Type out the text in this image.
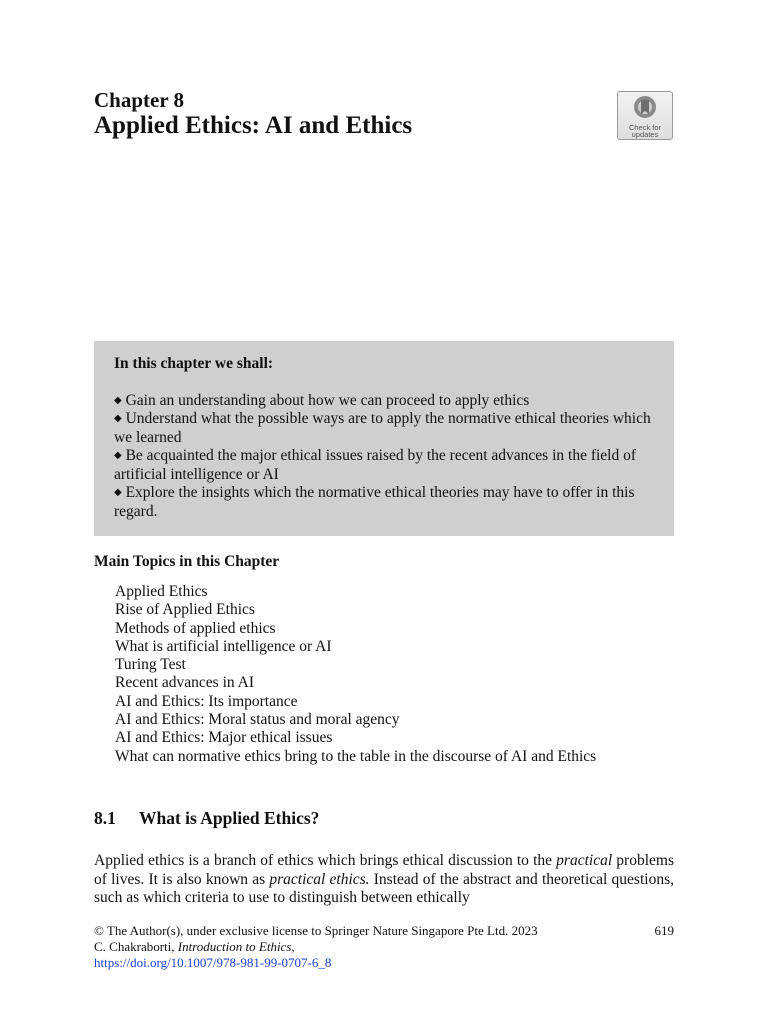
Chapter 8
Applied Ethics: AI and Ethics	Check for
updates
In this chapter we shall:

◆ Gain an understanding about how we can proceed to apply ethics

◆ Understand what the possible ways are to apply the normative ethical theories which we learned

◆ Be acquainted the major ethical issues raised by the recent advances in the field of artificial intelligence or AI

◆ Explore the insights which the normative ethical theories may have to offer in this regard.

Main Topics in this Chapter
Applied Ethics
Rise of Applied Ethics
Methods of applied ethics
What is artificial intelligence or AI
Turing Test
Recent advances in AI
AI and Ethics: Its importance
AI and Ethics: Moral status and moral agency
AI and Ethics: Major ethical issues
What can normative ethics bring to the table in the discourse of AI and Ethics
8.1 What is Applied Ethics?
Applied ethics is a branch of ethics which brings ethical discussion to the practical problems of lives. It is also known as practical ethics. Instead of the abstract and theoretical questions, such as which criteria to use to distinguish between ethically
© The Author(s), under exclusive license to Springer Nature Singapore Pte Ltd. 2023	619
C. Chakraborti, Introduction to Ethics,
https://doi.org/10.1007/978-981-99-0707-6_8
